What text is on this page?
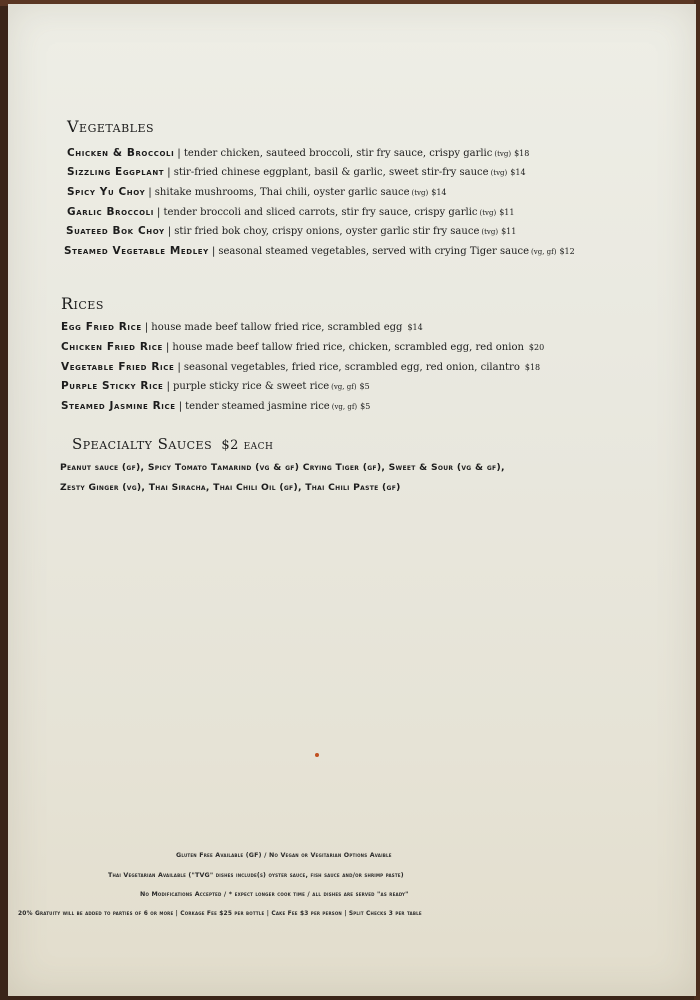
Vegetables
Chicken & Broccoli | tender chicken, sauteed broccoli, stir fry sauce, crispy garlic (tvg) $18
Sizzling Eggplant | stir-fried chinese eggplant, basil & garlic, sweet stir-fry sauce (tvg) $14
Spicy Yu Choy | shitake mushrooms, Thai chili, oyster garlic sauce (tvg) $14
Garlic Broccoli | tender broccoli and sliced carrots, stir fry sauce, crispy garlic (tvg) $11
Suateed Bok Choy | stir fried bok choy, crispy onions, oyster garlic stir fry sauce (tvg) $11
Steamed Vegetable Medley | seasonal steamed vegetables, served with crying Tiger sauce (vg, gf) $12
Rices
Egg Fried Rice | house made beef tallow fried rice, scrambled egg $14
Chicken Fried Rice | house made beef tallow fried rice, chicken, scrambled egg, red onion $20
Vegetable Fried Rice | seasonal vegetables, fried rice, scrambled egg, red onion, cilantro $18
Purple Sticky Rice | purple sticky rice & sweet rice (vg, gf) $5
Steamed Jasmine Rice | tender steamed jasmine rice (vg, gf) $5
Speacialty Sauces $2 each
Peanut sauce (gf), Spicy Tomato Tamarind (vg & gf) Crying Tiger (gf), Sweet & Sour (vg & gf),
Zesty Ginger (vg), Thai Siracha, Thai Chili Oil (gf), Thai Chili Paste (gf)
Gluten Free Available (GF) / No Vegan or Vegitarian Options Avaible
Thai Vegetarian Available ("TVG" dishes include(s) oyster sauce, fish sauce and/or shrimp paste)
No Modifications Accepted / * expect longer cook time / all dishes are served "as ready"
20% Gratuity will be added to parties of 6 or more | Corkage Fee $25 per bottle | Cake Fee $3 per person | Split Checks 3 per table
